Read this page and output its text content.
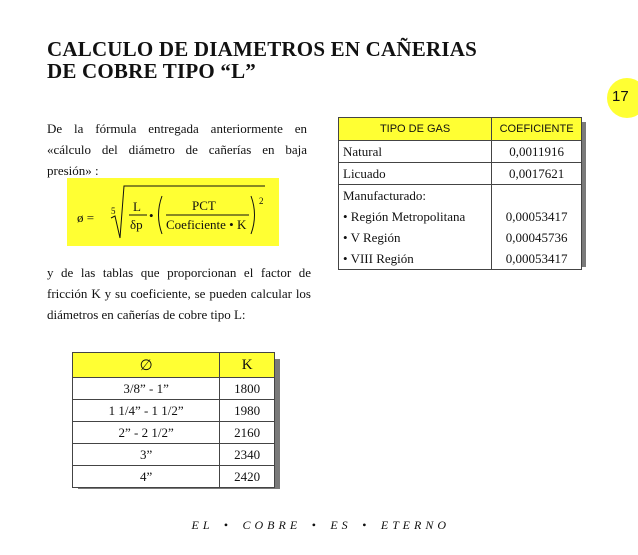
CALCULO DE DIAMETROS EN CAÑERIAS
DE COBRE TIPO “L”
17

De la fórmula entregada anteriormente en «cálculo del diámetro de cañerías en baja presión» :

ø = 5 L
δp
•
PCT
Coeficiente • K
2

y de las tablas que proporcionan el factor de fricción K y su coeficiente, se pueden calcular los diámetros en cañerías de cobre tipo L:

TIPO DE GAS	COEFICIENTE
Natural	0,0011916
Licuado	0,0017621
Manufacturado:	
• Región Metropolitana	0,00053417
• V Región	0,00045736
• VIII Región	0,00053417
∅	K
3/8” - 1”	1800
1 1/4” - 1 1/2”	1980
2” - 2 1/2”	2160
3”	2340
4”	2420

E L    •    C O B R E    •    E S    •    E T E R N O
